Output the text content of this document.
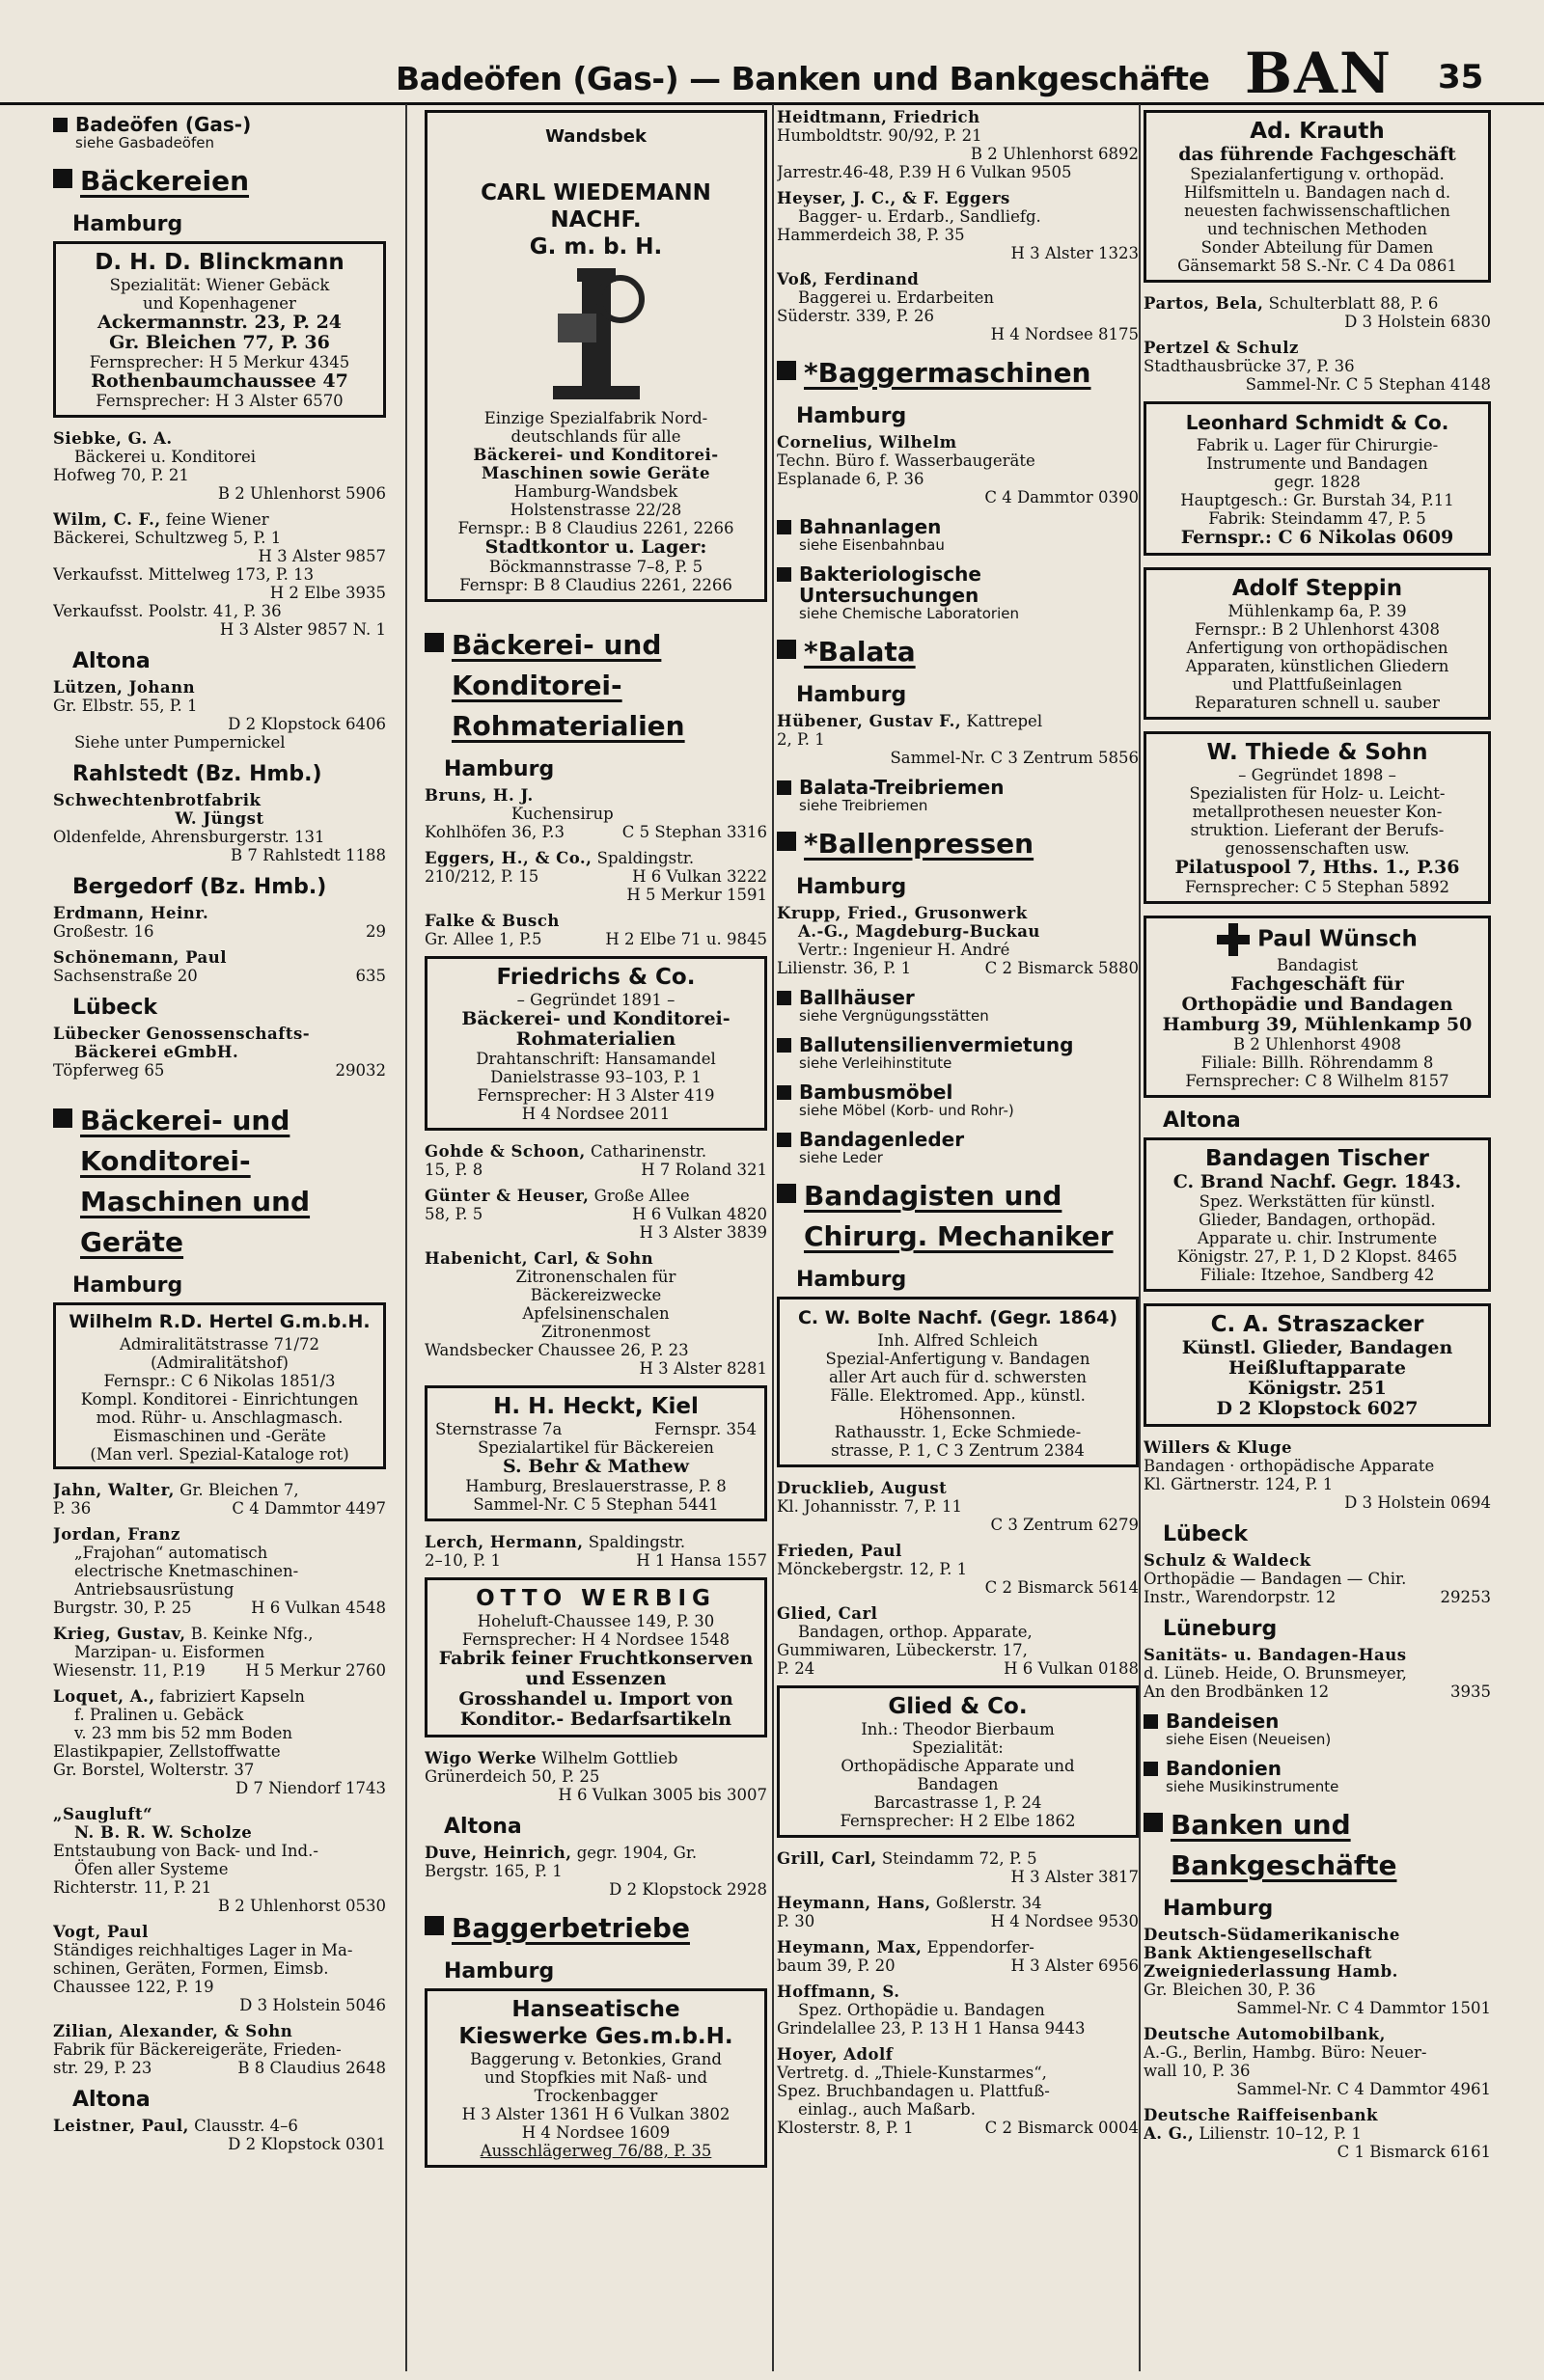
Badeöfen (Gas-) — Banken und Bankgeschäfte BAN 35
Badeöfen (Gas-)
siehe Gasbadeöfen
Bäckereien
Hamburg
D. H. D. Blinckmann
Spezialität: Wiener Gebäck
und Kopenhagener
Ackermannstr. 23, P. 24
Gr. Bleichen 77, P. 36
Fernsprecher: H 5 Merkur 4345
Rothenbaumchaussee 47
Fernsprecher: H 3 Alster 6570
Siebke, G. A.
Bäckerei u. Konditorei
Hofweg 70, P. 21
B 2 Uhlenhorst 5906
Wilm, C. F., feine Wiener
Bäckerei, Schultzweg 5, P. 1
H 3 Alster 9857
Verkaufsst. Mittelweg 173, P. 13
H 2 Elbe 3935
Verkaufsst. Poolstr. 41, P. 36
H 3 Alster 9857 N. 1
Altona
Lützen, Johann
Gr. Elbstr. 55, P. 1
D 2 Klopstock 6406
Siehe unter Pumpernickel
Rahlstedt (Bz. Hmb.)
Schwechtenbrotfabrik
W. Jüngst
Oldenfelde, Ahrensburgerstr. 131
B 7 Rahlstedt 1188
Bergedorf (Bz. Hmb.)
Erdmann, Heinr.
Großestr. 16	29
Schönemann, Paul
Sachsenstraße 20	635
Lübeck
Lübecker Genossenschafts-
Bäckerei eGmbH.
Töpferweg 65	29032
Bäckerei- und Konditorei-Maschinen und Geräte
Hamburg
Wilhelm R.D. Hertel G.m.b.H.
Admiralitätstrasse 71/72
(Admiralitätshof)
Fernspr.: C 6 Nikolas 1851/3
Kompl. Konditorei - Einrichtungen
mod. Rühr- u. Anschlagmasch.
Eismaschinen und -Geräte
(Man verl. Spezial-Kataloge rot)
Jahn, Walter, Gr. Bleichen 7,
P. 36	C 4 Dammtor 4497
Jordan, Franz
„Frajohan“ automatisch
electrische Knetmaschinen-
Antriebsausrüstung
Burgstr. 30, P. 25	H 6 Vulkan 4548
Krieg, Gustav, B. Keinke Nfg.,
Marzipan- u. Eisformen
Wiesenstr. 11, P.19	H 5 Merkur 2760
Loquet, A., fabriziert Kapseln
f. Pralinen u. Gebäck
v. 23 mm bis 52 mm Boden
Elastikpapier, Zellstoffwatte
Gr. Borstel, Wolterstr. 37
D 7 Niendorf 1743
„Saugluft“
N. B. R. W. Scholze
Entstaubung von Back- und Ind.-
Öfen aller Systeme
Richterstr. 11, P. 21
B 2 Uhlenhorst 0530
Vogt, Paul
Ständiges reichhaltiges Lager in Ma-
schinen, Geräten, Formen, Eimsb.
Chaussee 122, P. 19
D 3 Holstein 5046
Zilian, Alexander, & Sohn
Fabrik für Bäckereigeräte, Frieden-
str. 29, P. 23	B 8 Claudius 2648
Altona
Leistner, Paul, Clausstr. 4–6
D 2 Klopstock 0301
Wandsbek
CARL WIEDEMANN NACHF.
G. m. b. H.
Einzige Spezialfabrik Nord-
deutschlands für alle
Bäckerei- und Konditorei-
Maschinen sowie Geräte
Hamburg-Wandsbek
Holstenstrasse 22/28
Fernspr.: B 8 Claudius 2261, 2266
Stadtkontor u. Lager:
Böckmannstrasse 7–8, P. 5
Fernspr: B 8 Claudius 2261, 2266
Bäckerei- und Konditorei-Rohmaterialien
Hamburg
Bruns, H. J.
Kuchensirup
Kohlhöfen 36, P.3	C 5 Stephan 3316
Eggers, H., & Co., Spaldingstr.
210/212, P. 15	H 6 Vulkan 3222
H 5 Merkur 1591
Falke & Busch
Gr. Allee 1, P.5	H 2 Elbe 71 u. 9845
Friedrichs & Co.
– Gegründet 1891 –
Bäckerei- und Konditorei-
Rohmaterialien
Drahtanschrift: Hansamandel
Danielstrasse 93–103, P. 1
Fernsprecher: H 3 Alster 419
H 4 Nordsee 2011
Gohde & Schoon, Catharinenstr.
15, P. 8	H 7 Roland 321
Günter & Heuser, Große Allee
58, P. 5	H 6 Vulkan 4820
H 3 Alster 3839
Habenicht, Carl, & Sohn
Zitronenschalen für
Bäckereizwecke
Apfelsinenschalen
Zitronenmost
Wandsbecker Chaussee 26, P. 23
H 3 Alster 8281
H. H. Heckt, Kiel
Sternstrasse 7a	Fernspr. 354
Spezialartikel für Bäckereien
S. Behr & Mathew
Hamburg, Breslauerstrasse, P. 8
Sammel-Nr. C 5 Stephan 5441
Lerch, Hermann, Spaldingstr.
2–10, P. 1	H 1 Hansa 1557
OTTO WERBIG
Hoheluft-Chaussee 149, P. 30
Fernsprecher: H 4 Nordsee 1548
Fabrik feiner Fruchtkonserven
und Essenzen
Grosshandel u. Import von
Konditor.- Bedarfsartikeln
Wigo Werke Wilhelm Gottlieb
Grünerdeich 50, P. 25
H 6 Vulkan 3005 bis 3007
Altona
Duve, Heinrich, gegr. 1904, Gr.
Bergstr. 165, P. 1
D 2 Klopstock 2928
Baggerbetriebe
Hamburg
Hanseatische
Kieswerke Ges.m.b.H.
Baggerung v. Betonkies, Grand
und Stopfkies mit Naß- und
Trockenbagger
H 3 Alster 1361 H 6 Vulkan 3802
H 4 Nordsee 1609
Ausschlägerweg 76/88, P. 35
Heidtmann, Friedrich
Humboldtstr. 90/92, P. 21
B 2 Uhlenhorst 6892
Jarrestr.46-48, P.39 H 6 Vulkan 9505
Heyser, J. C., & F. Eggers
Bagger- u. Erdarb., Sandliefg.
Hammerdeich 38, P. 35
H 3 Alster 1323
Voß, Ferdinand
Baggerei u. Erdarbeiten
Süderstr. 339, P. 26
H 4 Nordsee 8175
*Baggermaschinen
Hamburg
Cornelius, Wilhelm
Techn. Büro f. Wasserbaugeräte
Esplanade 6, P. 36
C 4 Dammtor 0390
Bahnanlagen
siehe Eisenbahnbau
Bakteriologische Untersuchungen
siehe Chemische Laboratorien
*Balata
Hamburg
Hübener, Gustav F., Kattrepel
2, P. 1
Sammel-Nr. C 3 Zentrum 5856
Balata-Treibriemen
siehe Treibriemen
*Ballenpressen
Hamburg
Krupp, Fried., Grusonwerk
A.-G., Magdeburg-Buckau
Vertr.: Ingenieur H. André
Lilienstr. 36, P. 1	C 2 Bismarck 5880
Ballhäuser
siehe Vergnügungsstätten
Ballutensilienvermietung
siehe Verleihinstitute
Bambusmöbel
siehe Möbel (Korb- und Rohr-)
Bandagenleder
siehe Leder
Bandagisten und Chirurg. Mechaniker
Hamburg
C. W. Bolte Nachf. (Gegr. 1864)
Inh. Alfred Schleich
Spezial-Anfertigung v. Bandagen
aller Art auch für d. schwersten
Fälle. Elektromed. App., künstl.
Höhensonnen.
Rathausstr. 1, Ecke Schmiede-
strasse, P. 1, C 3 Zentrum 2384
Drucklieb, August
Kl. Johannisstr. 7, P. 11
C 3 Zentrum 6279
Frieden, Paul
Mönckebergstr. 12, P. 1
C 2 Bismarck 5614
Glied, Carl
Bandagen, orthop. Apparate,
Gummiwaren, Lübeckerstr. 17,
P. 24	H 6 Vulkan 0188
Glied & Co.
Inh.: Theodor Bierbaum
Spezialität:
Orthopädische Apparate und
Bandagen
Barcastrasse 1, P. 24
Fernsprecher: H 2 Elbe 1862
Grill, Carl, Steindamm 72, P. 5
H 3 Alster 3817
Heymann, Hans, Goßlerstr. 34
P. 30	H 4 Nordsee 9530
Heymann, Max, Eppendorfer-
baum 39, P. 20	H 3 Alster 6956
Hoffmann, S.
Spez. Orthopädie u. Bandagen
Grindelallee 23, P. 13 H 1 Hansa 9443
Hoyer, Adolf
Vertretg. d. „Thiele-Kunstarmes“,
Spez. Bruchbandagen u. Plattfuß-
einlag., auch Maßarb.
Klosterstr. 8, P. 1	C 2 Bismarck 0004
Ad. Krauth
das führende Fachgeschäft
Spezialanfertigung v. orthopäd.
Hilfsmitteln u. Bandagen nach d.
neuesten fachwissenschaftlichen
und technischen Methoden
Sonder Abteilung für Damen
Gänsemarkt 58 S.-Nr. C 4 Da 0861
Partos, Bela, Schulterblatt 88, P. 6
D 3 Holstein 6830
Pertzel & Schulz
Stadthausbrücke 37, P. 36
Sammel-Nr. C 5 Stephan 4148
Leonhard Schmidt & Co.
Fabrik u. Lager für Chirurgie-
Instrumente und Bandagen
gegr. 1828
Hauptgesch.: Gr. Burstah 34, P.11
Fabrik: Steindamm 47, P. 5
Fernspr.: C 6 Nikolas 0609
Adolf Steppin
Mühlenkamp 6a, P. 39
Fernspr.: B 2 Uhlenhorst 4308
Anfertigung von orthopädischen
Apparaten, künstlichen Gliedern
und Plattfußeinlagen
Reparaturen schnell u. sauber
W. Thiede & Sohn
– Gegründet 1898 –
Spezialisten für Holz- u. Leicht-
metallprothesen neuester Kon-
struktion. Lieferant der Berufs-
genossenschaften usw.
Pilatuspool 7, Hths. 1., P.36
Fernsprecher: C 5 Stephan 5892
Paul Wünsch
Bandagist
Fachgeschäft für
Orthopädie und Bandagen
Hamburg 39, Mühlenkamp 50
B 2 Uhlenhorst 4908
Filiale: Billh. Röhrendamm 8
Fernsprecher: C 8 Wilhelm 8157
Altona
Bandagen Tischer
C. Brand Nachf. Gegr. 1843.
Spez. Werkstätten für künstl.
Glieder, Bandagen, orthopäd.
Apparate u. chir. Instrumente
Königstr. 27, P. 1, D 2 Klopst. 8465
Filiale: Itzehoe, Sandberg 42
C. A. Straszacker
Künstl. Glieder, Bandagen
Heißluftapparate
Königstr. 251
D 2 Klopstock 6027
Willers & Kluge
Bandagen · orthopädische Apparate
Kl. Gärtnerstr. 124, P. 1
D 3 Holstein 0694
Lübeck
Schulz & Waldeck
Orthopädie — Bandagen — Chir.
Instr., Warendorpstr. 12	29253
Lüneburg
Sanitäts- u. Bandagen-Haus
d. Lüneb. Heide, O. Brunsmeyer,
An den Brodbänken 12	3935
Bandeisen
siehe Eisen (Neueisen)
Bandonien
siehe Musikinstrumente
Banken und Bankgeschäfte
Hamburg
Deutsch-Südamerikanische
Bank Aktiengesellschaft
Zweigniederlassung Hamb.
Gr. Bleichen 30, P. 36
Sammel-Nr. C 4 Dammtor 1501
Deutsche Automobilbank,
A.-G., Berlin, Hambg. Büro: Neuer-
wall 10, P. 36
Sammel-Nr. C 4 Dammtor 4961
Deutsche Raiffeisenbank
A. G., Lilienstr. 10–12, P. 1
C 1 Bismarck 6161
